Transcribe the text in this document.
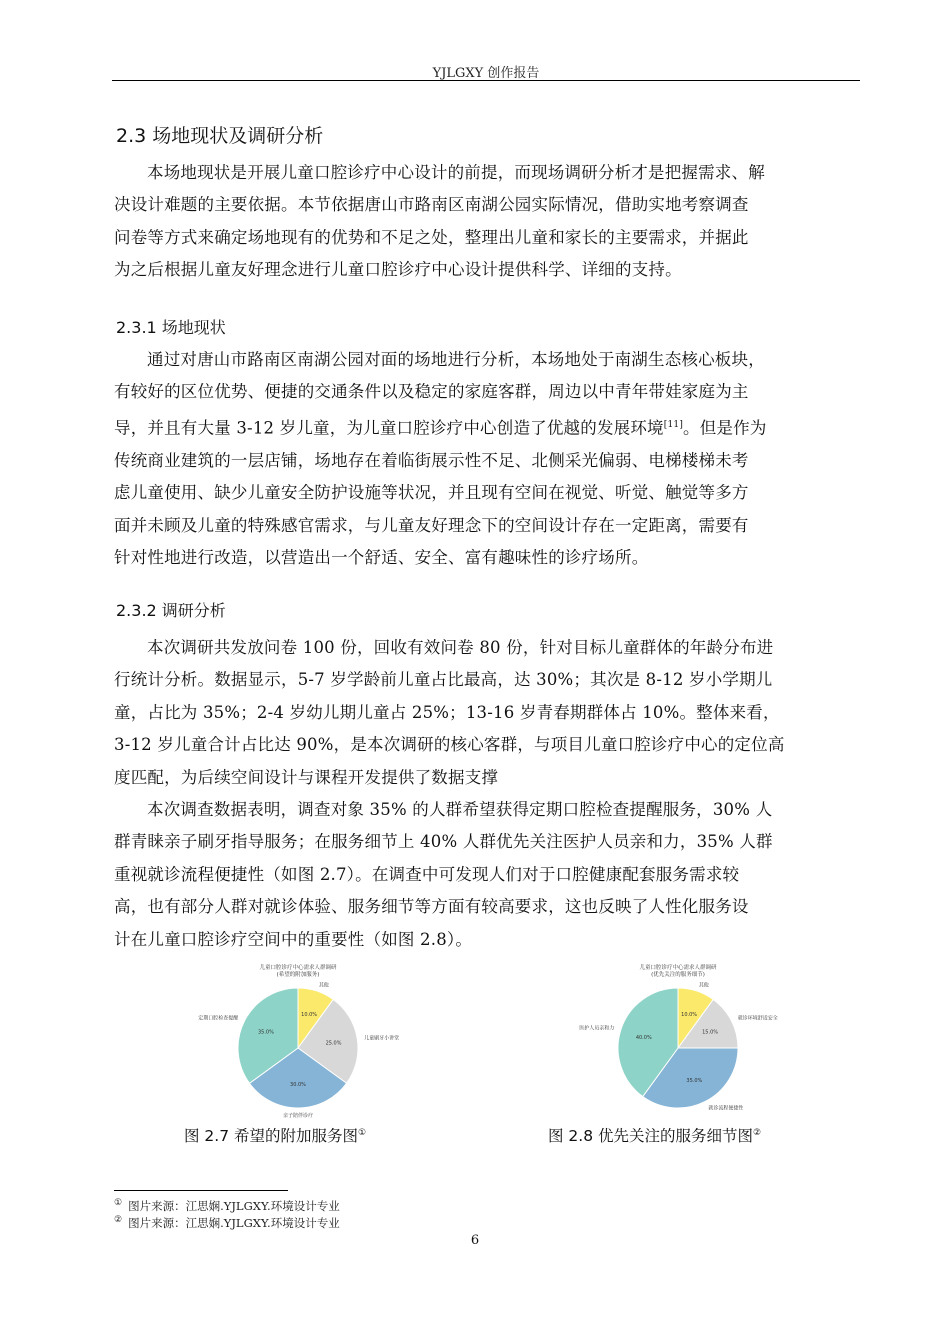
YJLGXY 创作报告
2.3 场地现状及调研分析
本场地现状是开展儿童口腔诊疗中心设计的前提，而现场调研分析才是把握需求、解
决设计难题的主要依据。本节依据唐山市路南区南湖公园实际情况，借助实地考察调查
问卷等方式来确定场地现有的优势和不足之处，整理出儿童和家长的主要需求，并据此
为之后根据儿童友好理念进行儿童口腔诊疗中心设计提供科学、详细的支持。
2.3.1 场地现状
通过对唐山市路南区南湖公园对面的场地进行分析，本场地处于南湖生态核心板块，
有较好的区位优势、便捷的交通条件以及稳定的家庭客群，周边以中青年带娃家庭为主
导，并且有大量 3-12 岁儿童，为儿童口腔诊疗中心创造了优越的发展环境[11]。但是作为
传统商业建筑的一层店铺，场地存在着临街展示性不足、北侧采光偏弱、电梯楼梯未考
虑儿童使用、缺少儿童安全防护设施等状况，并且现有空间在视觉、听觉、触觉等多方
面并未顾及儿童的特殊感官需求，与儿童友好理念下的空间设计存在一定距离，需要有
针对性地进行改造，以营造出一个舒适、安全、富有趣味性的诊疗场所。
2.3.2 调研分析
本次调研共发放问卷 100 份，回收有效问卷 80 份，针对目标儿童群体的年龄分布进
行统计分析。数据显示，5-7 岁学龄前儿童占比最高，达 30%；其次是 8-12 岁小学期儿
童，占比为 35%；2-4 岁幼儿期儿童占 25%；13-16 岁青春期群体占 10%。整体来看，
3-12 岁儿童合计占比达 90%，是本次调研的核心客群，与项目儿童口腔诊疗中心的定位高
度匹配，为后续空间设计与课程开发提供了数据支撑
本次调查数据表明，调查对象 35% 的人群希望获得定期口腔检查提醒服务，30% 人
群青睐亲子刷牙指导服务；在服务细节上 40% 人群优先关注医护人员亲和力，35% 人群
重视就诊流程便捷性（如图 2.7）。在调查中可发现人们对于口腔健康配套服务需求较
高，也有部分人群对就诊体验、服务细节等方面有较高要求，这也反映了人性化服务设
计在儿童口腔诊疗空间中的重要性（如图 2.8）。
儿童口腔诊疗中心需求人群调研
(希望的附加服务)
10.0%
其他
25.0%
儿童刷牙小讲堂
30.0%
亲子陪伴诊疗
35.0%
定期口腔检查提醒
儿童口腔诊疗中心需求人群调研
(优先关注的服务细节)
10.0%
其他
15.0%
就诊环境舒适安全
35.0%
就诊流程便捷性
40.0%
医护人员亲和力
图 2.7 希望的附加服务图①	图 2.8 优先关注的服务细节图②
① 图片来源：江思娴.YJLGXY.环境设计专业
② 图片来源：江思娴.YJLGXY.环境设计专业
6
